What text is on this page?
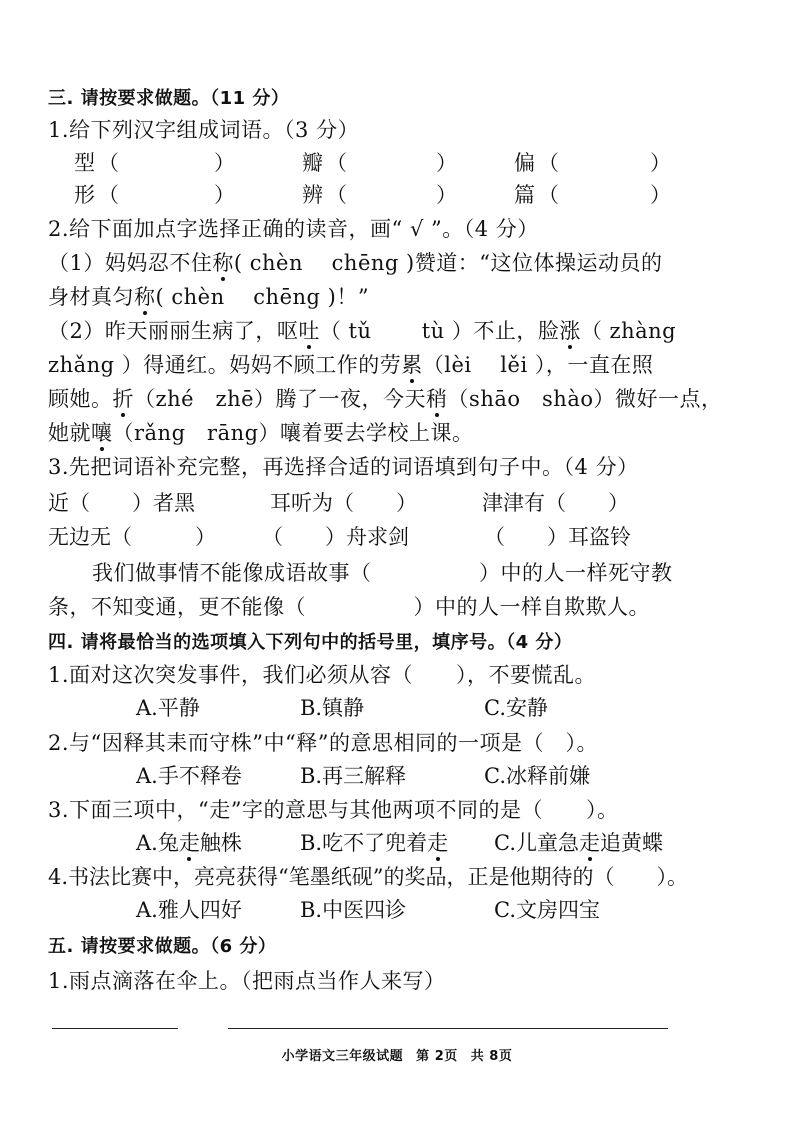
三. 请按要求做题。（11 分）
1.给下列汉字组成词语。（3 分）
型 （	）	瓣 （	）	偏 （	）
形 （	）	辨 （	）	篇 （	）
2.给下面加点字选择正确的读音，画“ √ ”。（4 分）
（1）妈妈忍不住称( chèn　 chēng )赞道：“这位体操运动员的
身材真匀称( chèn　 chēng )！”
（2）昨天丽丽生病了，呕吐（ tǔ　　 tù ）不止，脸涨（ zhàng
zhǎng ）得通红。妈妈不顾工作的劳累（lèi　 lěi ），一直在照
顾她。折（zhé　zhē）腾了一夜，今天稍（shāo　shào）微好一点，
她就嚷（rǎng　rāng）嚷着要去学校上课。
3.先把词语补充完整，再选择合适的词语填到句子中。（4 分）
近（　　）者黑	耳听为（　　）	津津有（　　）
无边无（　　　） （　　）舟求剑	（　　）耳盗铃
我们做事情不能像成语故事（　　　　　）中的人一样死守教
条，不知变通，更不能像（　　　　　）中的人一样自欺欺人。
四. 请将最恰当的选项填入下列句中的括号里，填序号。（4 分）
1.面对这次突发事件，我们必须从容（　　），不要慌乱。
A.平静	B.镇静	C.安静
2.与“因释其耒而守株”中“释”的意思相同的一项是（　）。
A.手不释卷	B.再三解释	C.冰释前嫌
3.下面三项中，“走”字的意思与其他两项不同的是（　　）。
A.兔走触株	B.吃不了兜着走 C.儿童急走追黄蝶
4.书法比赛中，亮亮获得“笔墨纸砚”的奖品，正是他期待的（　　）。
A.雅人四好	B.中医四诊	C.文房四宝
五. 请按要求做题。（6 分）
1.雨点滴落在伞上。（把雨点当作人来写）
小学语文三年级试题 第 2页 共 8页
